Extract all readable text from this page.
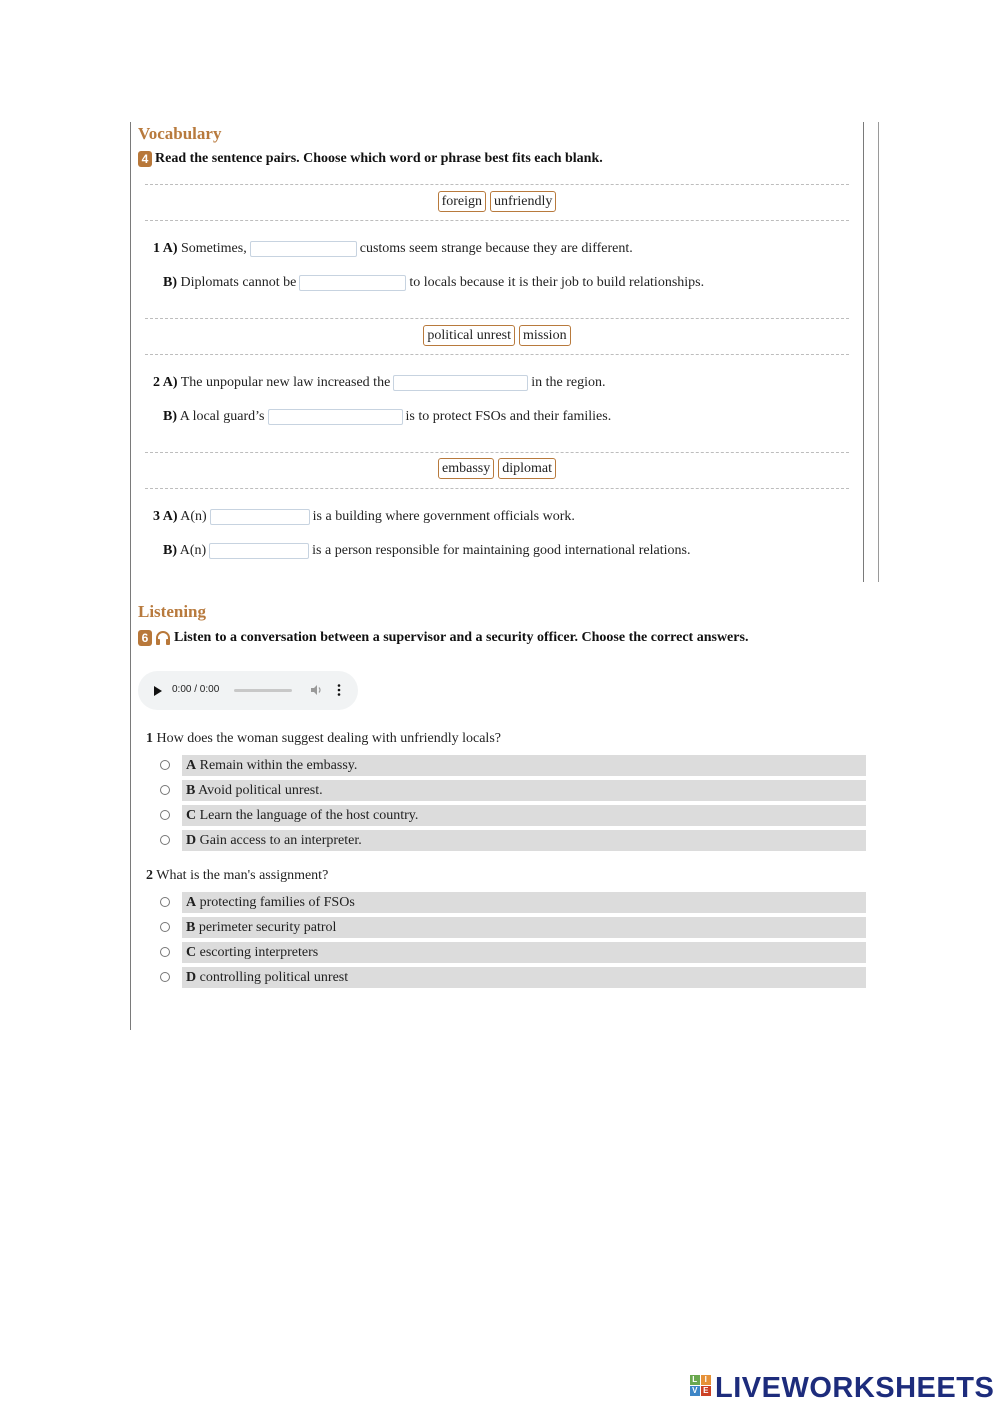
Vocabulary
4 Read the sentence pairs. Choose which word or phrase best fits each blank.
foreign unfriendly
1 A) Sometimes,	customs seem strange because they are different.
B) Diplomats cannot be	to locals because it is their job to build relationships.
political unrest mission
2 A) The unpopular new law increased the	in the region.
B) A local guard’s	is to protect FSOs and their families.
embassy diplomat
3 A) A(n)	is a building where government officials work.
B) A(n)	is a person responsible for maintaining good international relations.
Listening
6 Listen to a conversation between a supervisor and a security officer. Choose the correct answers.
0:00 / 0:00
1 How does the woman suggest dealing with unfriendly locals?
A Remain within the embassy.
B Avoid political unrest.
C Learn the language of the host country.
D Gain access to an interpreter.
2 What is the man's assignment?
A protecting families of FSOs
B perimeter security patrol
C escorting interpreters
D controlling political unrest
L I
V E LIVEWORKSHEETS
